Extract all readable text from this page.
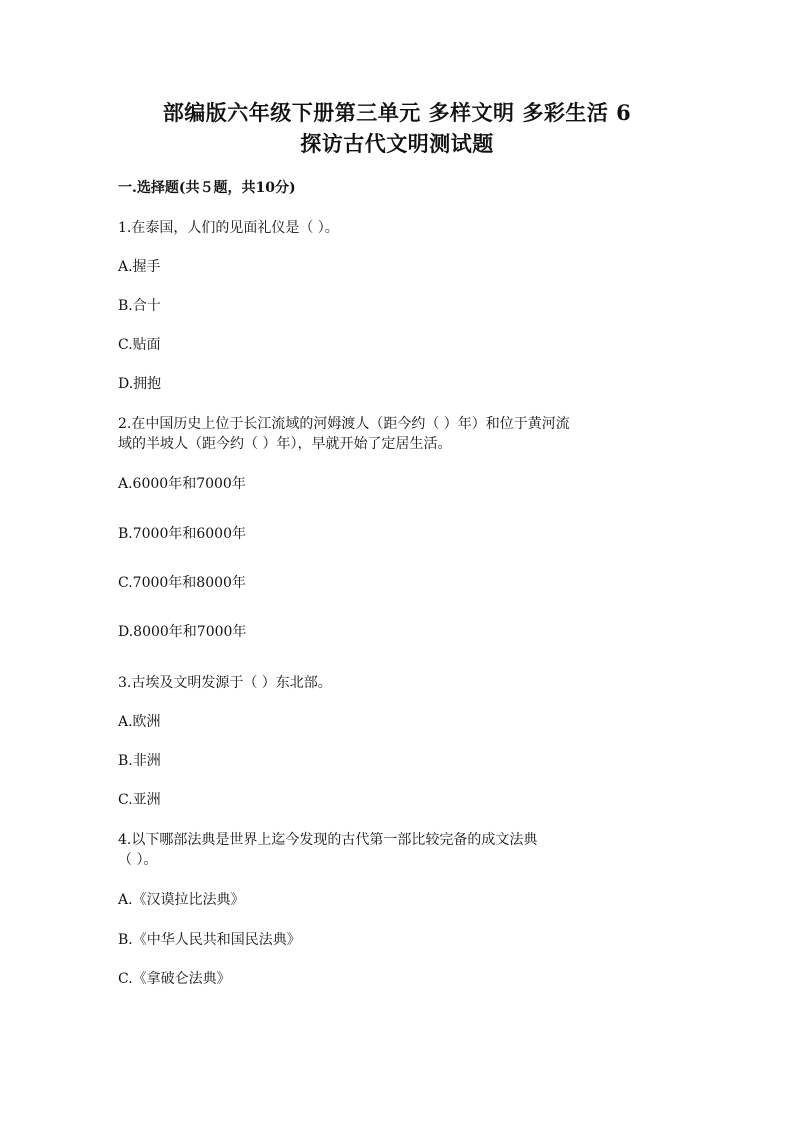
部编版六年级下册第三单元 多样文明 多彩生活 6
探访古代文明测试题
一.选择题(共５题，共10分)
1.在泰国，人们的见面礼仪是（ ）。
A.握手
B.合十
C.贴面
D.拥抱
2.在中国历史上位于长江流域的河姆渡人（距今约（ ）年）和位于黄河流
域的半坡人（距今约（ ）年），早就开始了定居生活。
A.6000年和7000年
B.7000年和6000年
C.7000年和8000年
D.8000年和7000年
3.古埃及文明发源于（ ）东北部。
A.欧洲
B.非洲
C.亚洲
4.以下哪部法典是世界上迄今发现的古代第一部比较完备的成文法典
（ ）。
A.《汉谟拉比法典》
B.《中华人民共和国民法典》
C.《拿破仑法典》
